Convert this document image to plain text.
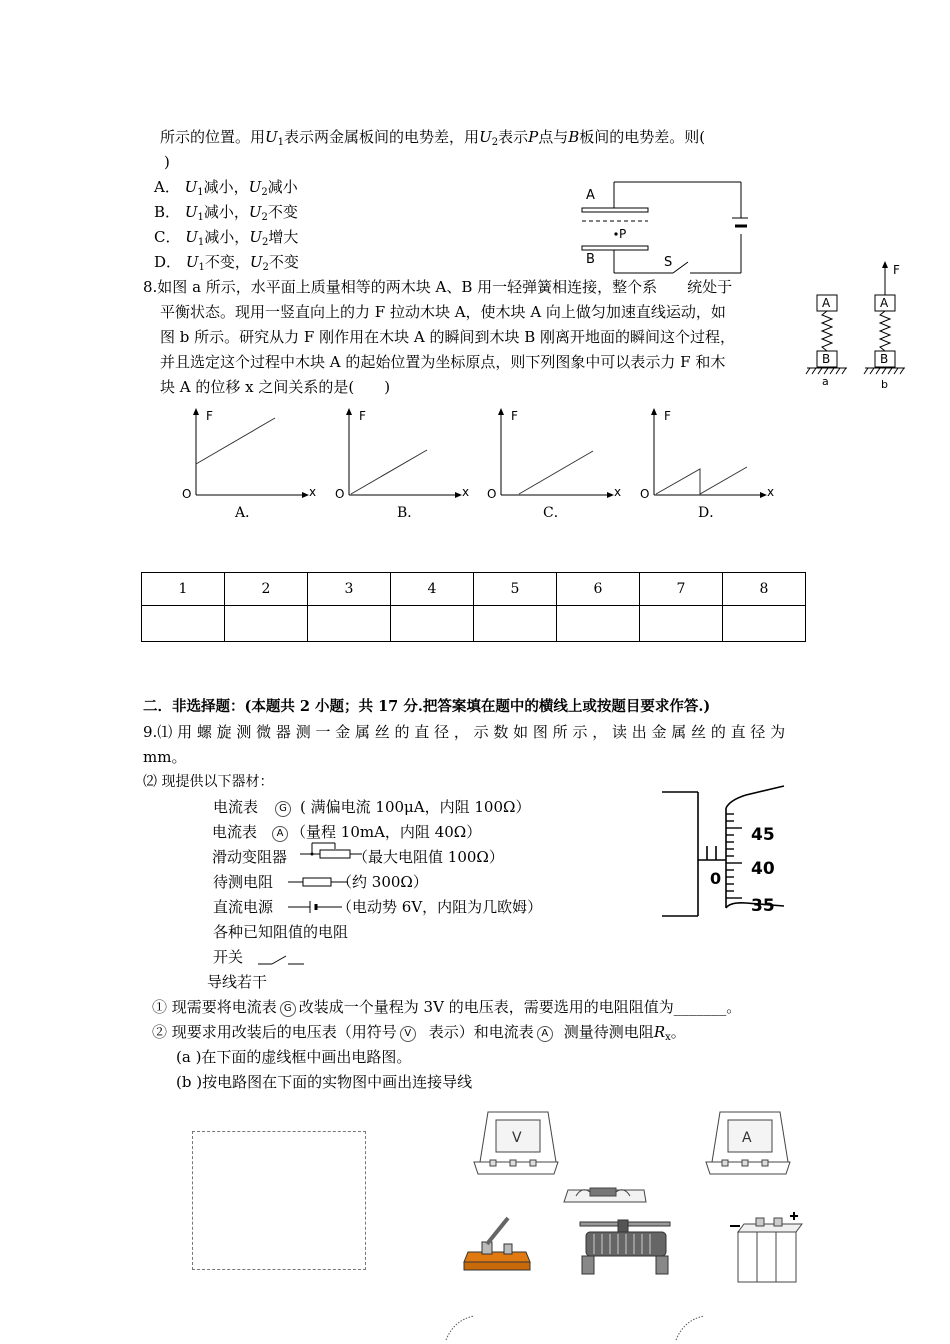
所示的位置。用$U_1$表示两金属板间的电势差，用$U_2$表示P点与B板间的电势差。则(
)
A． $U_1$减小，$U_2$减小
B． $U_1$减小，$U_2$不变
C． $U_1$减小，$U_2$增大
D． $U_1$不变，$U_2$不变
A
P
B	S
8.如图 a 所示，水平面上质量相等的两木块 A、B 用一轻弹簧相连接，整个系　　统处于
平衡状态。现用一竖直向上的力 F 拉动木块 A，使木块 A 向上做匀加速直线运动，如
图 b 所示。研究从力 F 刚作用在木块 A 的瞬间到木块 B 刚离开地面的瞬间这个过程，
并且选定这个过程中木块 A 的起始位置为坐标原点，则下列图象中可以表示力 F 和木
块 A 的位移 x 之间关系的是(　　)
A
B
A
B
F
a	b
F
x
O
A．
F
x
O
B．
F
x
O
C．
F
x
O
D．
1	2	3	4	5	6	7	8

二．非选择题：(本题共 2 小题；共 17 分.把答案填在题中的横线上或按题目要求作答.)
9.⑴ 用 螺 旋 测 微 器 测 一 金 属 丝 的 直 径 ， 示 数 如 图 所 示 ， 读 出 金 属 丝 的 直 径 为
mm。
⑵ 现提供以下器材：
电流表 G ( 满偏电流 100μA，内阻 100Ω）
电流表 A （量程 10mA，内阻 40Ω）
滑动变阻器	（最大电阻值 100Ω）
待测电阻	（约 300Ω）
直流电源	（电动势 6V，内阻为几欧姆）
各种已知阻值的电阻
开关
导线若干
① 现需要将电流表 G 改装成一个量程为 3V 的电压表，需要选用的电阻阻值为_______。
② 现要求用改装后的电压表（用符号 V 表示）和电流表 A 测量待测电阻$R_x$。
(a )在下面的虚线框中画出电路图。
(b )按电路图在下面的实物图中画出连接导线
0
45
40
35
V	A
